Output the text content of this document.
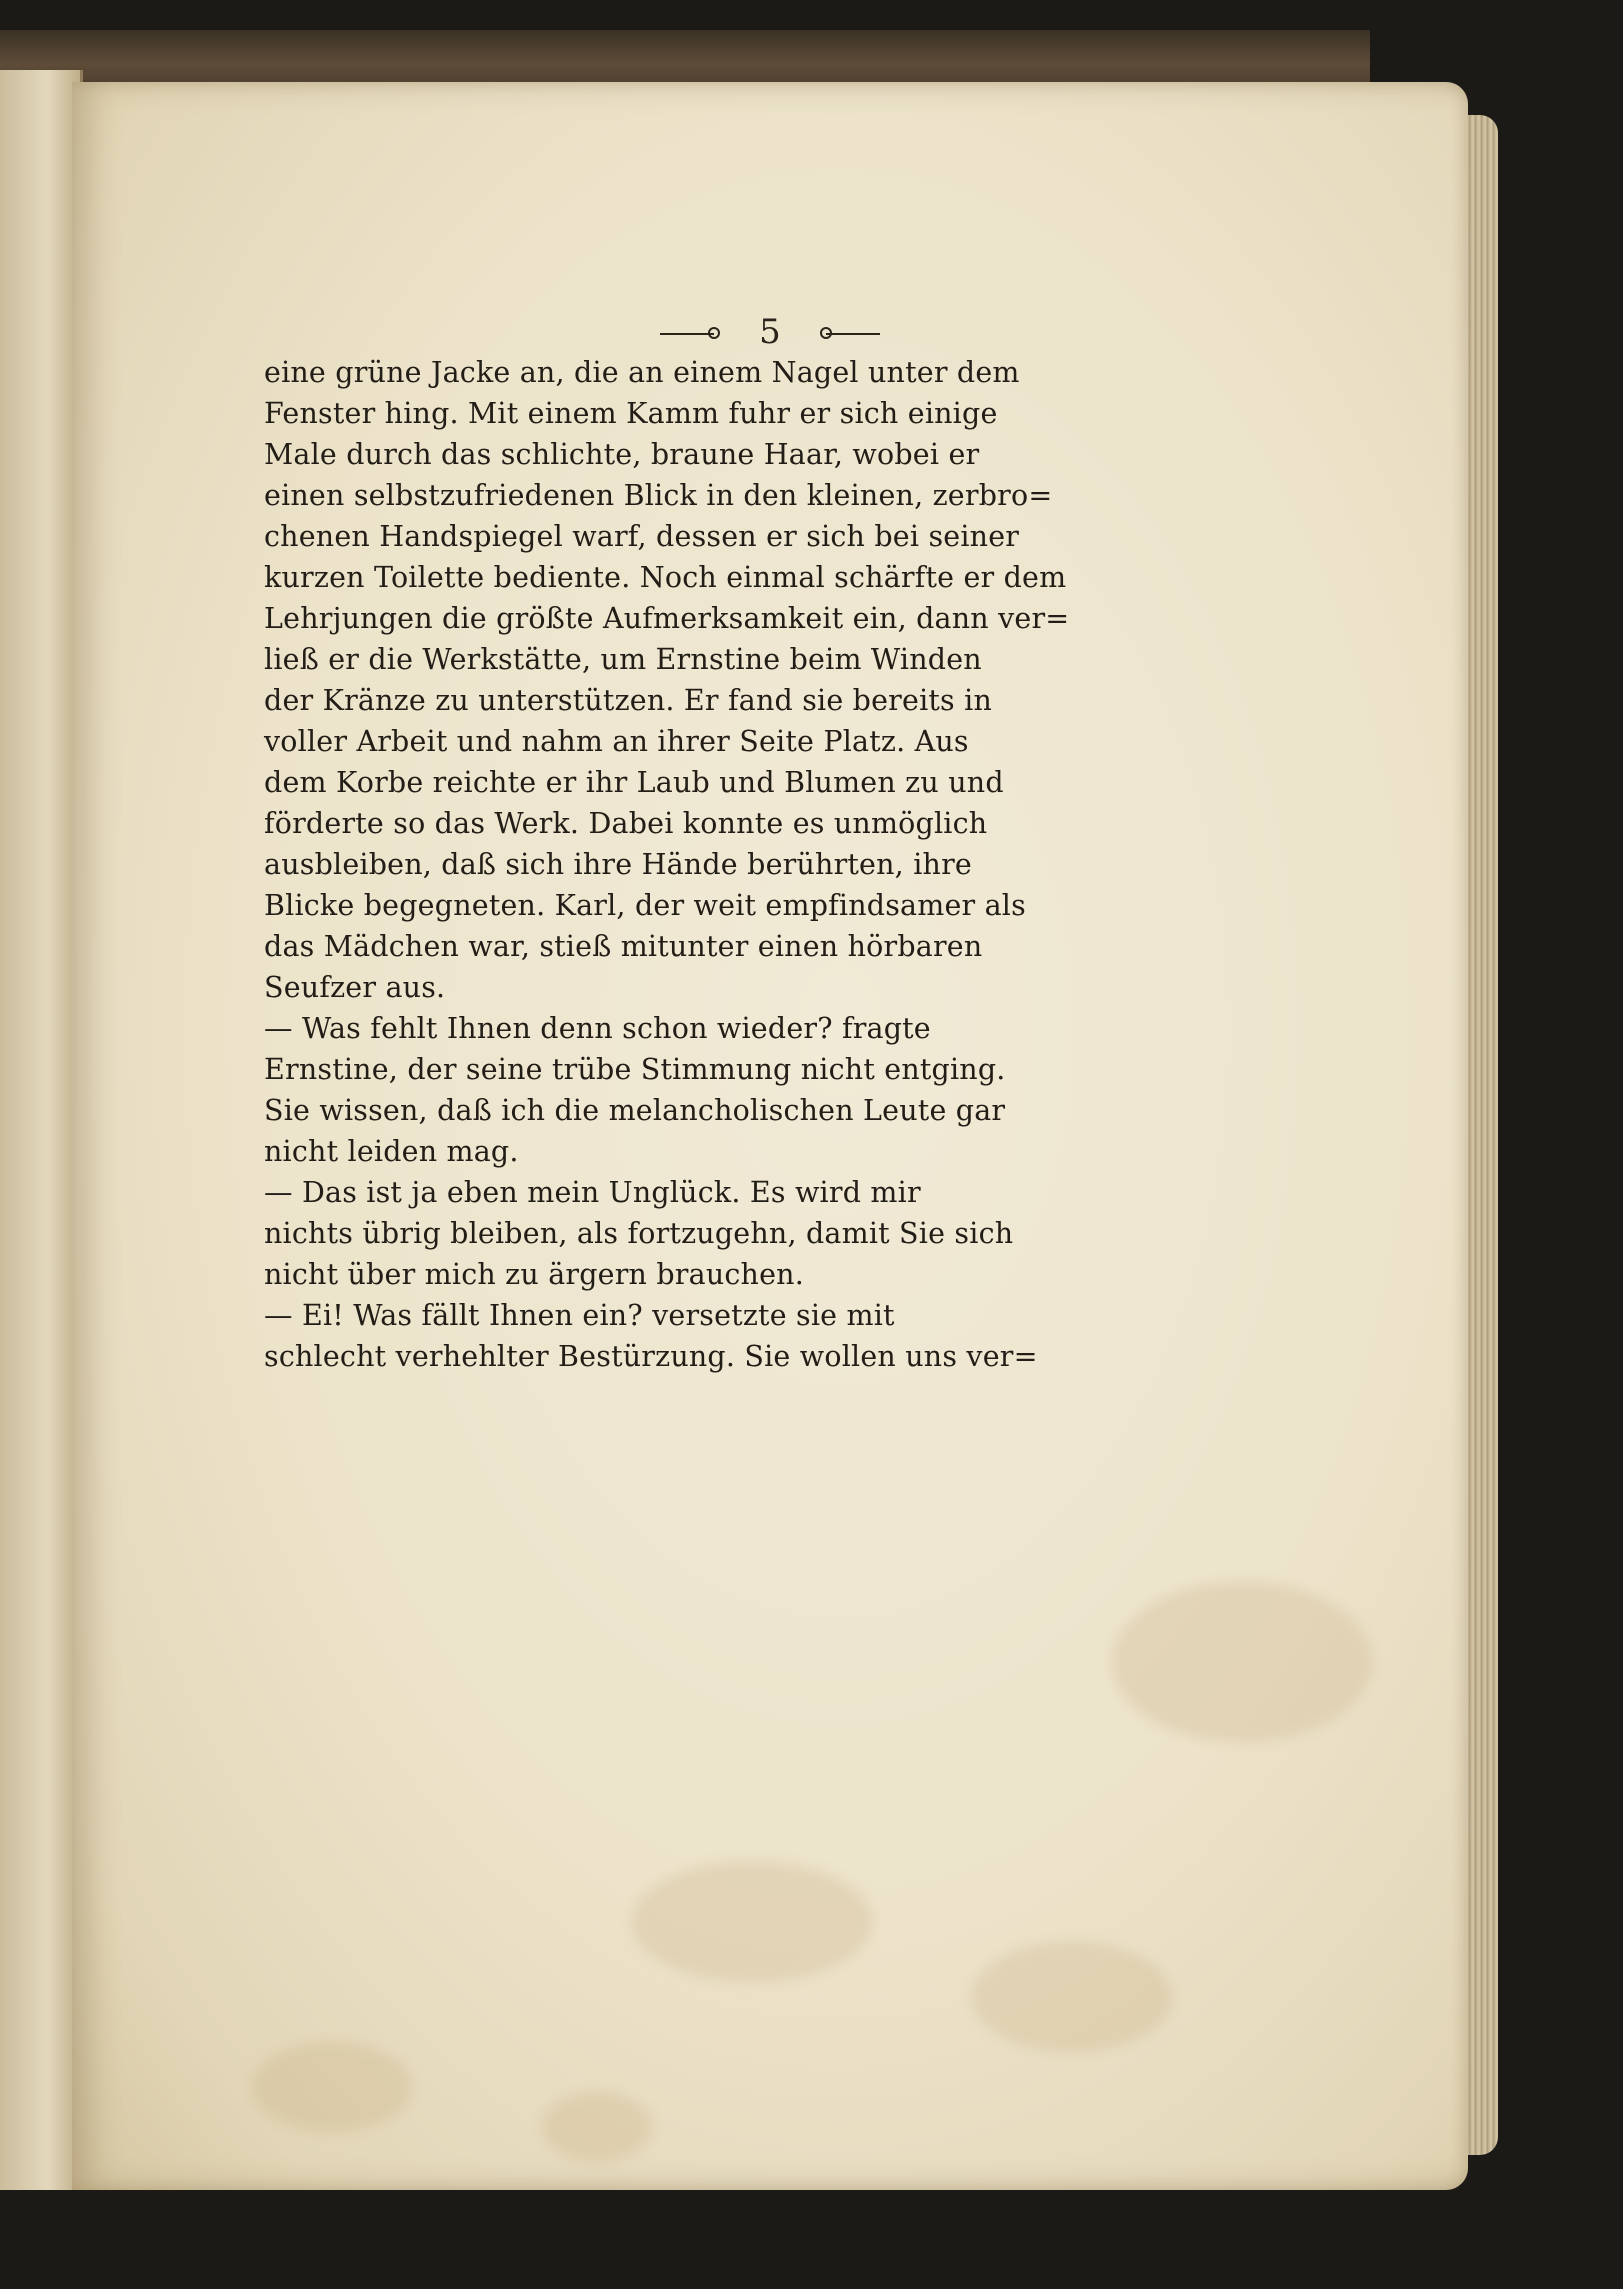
5
eine grüne Jacke an, die an einem Nagel unter dem
Fenster hing. Mit einem Kamm fuhr er sich einige
Male durch das schlichte, braune Haar, wobei er
einen selbstzufriedenen Blick in den kleinen, zerbro=
chenen Handspiegel warf, dessen er sich bei seiner
kurzen Toilette bediente. Noch einmal schärfte er dem
Lehrjungen die größte Aufmerksamkeit ein, dann ver=
ließ er die Werkstätte, um Ernstine beim Winden
der Kränze zu unterstützen. Er fand sie bereits in
voller Arbeit und nahm an ihrer Seite Platz. Aus
dem Korbe reichte er ihr Laub und Blumen zu und
förderte so das Werk. Dabei konnte es unmöglich
ausbleiben, daß sich ihre Hände berührten, ihre
Blicke begegneten. Karl, der weit empfindsamer als
das Mädchen war, stieß mitunter einen hörbaren
Seufzer aus.
— Was fehlt Ihnen denn schon wieder? fragte
Ernstine, der seine trübe Stimmung nicht entging.
Sie wissen, daß ich die melancholischen Leute gar
nicht leiden mag.
— Das ist ja eben mein Unglück. Es wird mir
nichts übrig bleiben, als fortzugehn, damit Sie sich
nicht über mich zu ärgern brauchen.
— Ei! Was fällt Ihnen ein? versetzte sie mit
schlecht verhehlter Bestürzung. Sie wollen uns ver=
